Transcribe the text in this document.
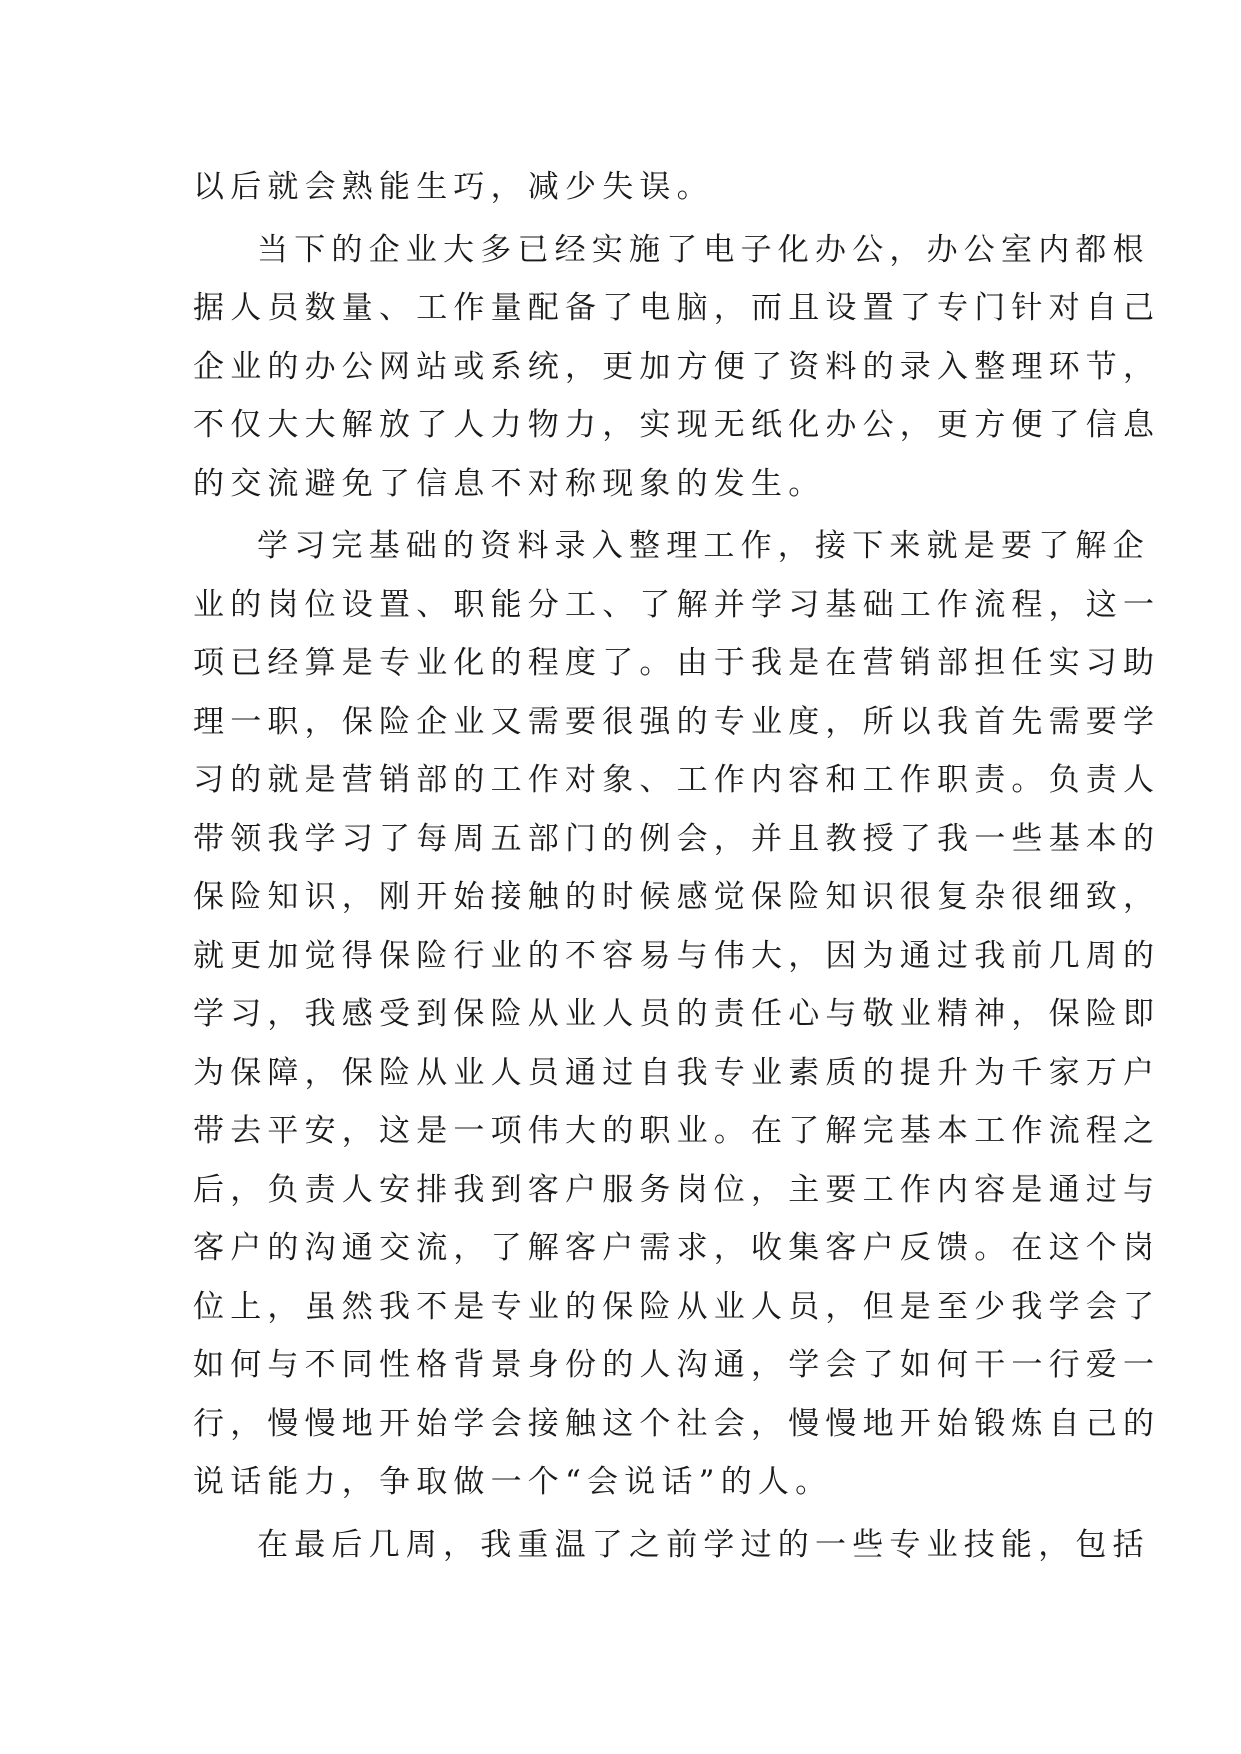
以后就会熟能生巧，减少失误。
当下的企业大多已经实施了电子化办公，办公室内都根
据人员数量、工作量配备了电脑，而且设置了专门针对自己
企业的办公网站或系统，更加方便了资料的录入整理环节，
不仅大大解放了人力物力，实现无纸化办公，更方便了信息
的交流避免了信息不对称现象的发生。
学习完基础的资料录入整理工作，接下来就是要了解企
业的岗位设置、职能分工、了解并学习基础工作流程，这一
项已经算是专业化的程度了。由于我是在营销部担任实习助
理一职，保险企业又需要很强的专业度，所以我首先需要学
习的就是营销部的工作对象、工作内容和工作职责。负责人
带领我学习了每周五部门的例会，并且教授了我一些基本的
保险知识，刚开始接触的时候感觉保险知识很复杂很细致，
就更加觉得保险行业的不容易与伟大，因为通过我前几周的
学习，我感受到保险从业人员的责任心与敬业精神，保险即
为保障，保险从业人员通过自我专业素质的提升为千家万户
带去平安，这是一项伟大的职业。在了解完基本工作流程之
后，负责人安排我到客户服务岗位，主要工作内容是通过与
客户的沟通交流，了解客户需求，收集客户反馈。在这个岗
位上，虽然我不是专业的保险从业人员，但是至少我学会了
如何与不同性格背景身份的人沟通，学会了如何干一行爱一
行，慢慢地开始学会接触这个社会，慢慢地开始锻炼自己的
说话能力，争取做一个“会说话”的人。
在最后几周，我重温了之前学过的一些专业技能，包括
